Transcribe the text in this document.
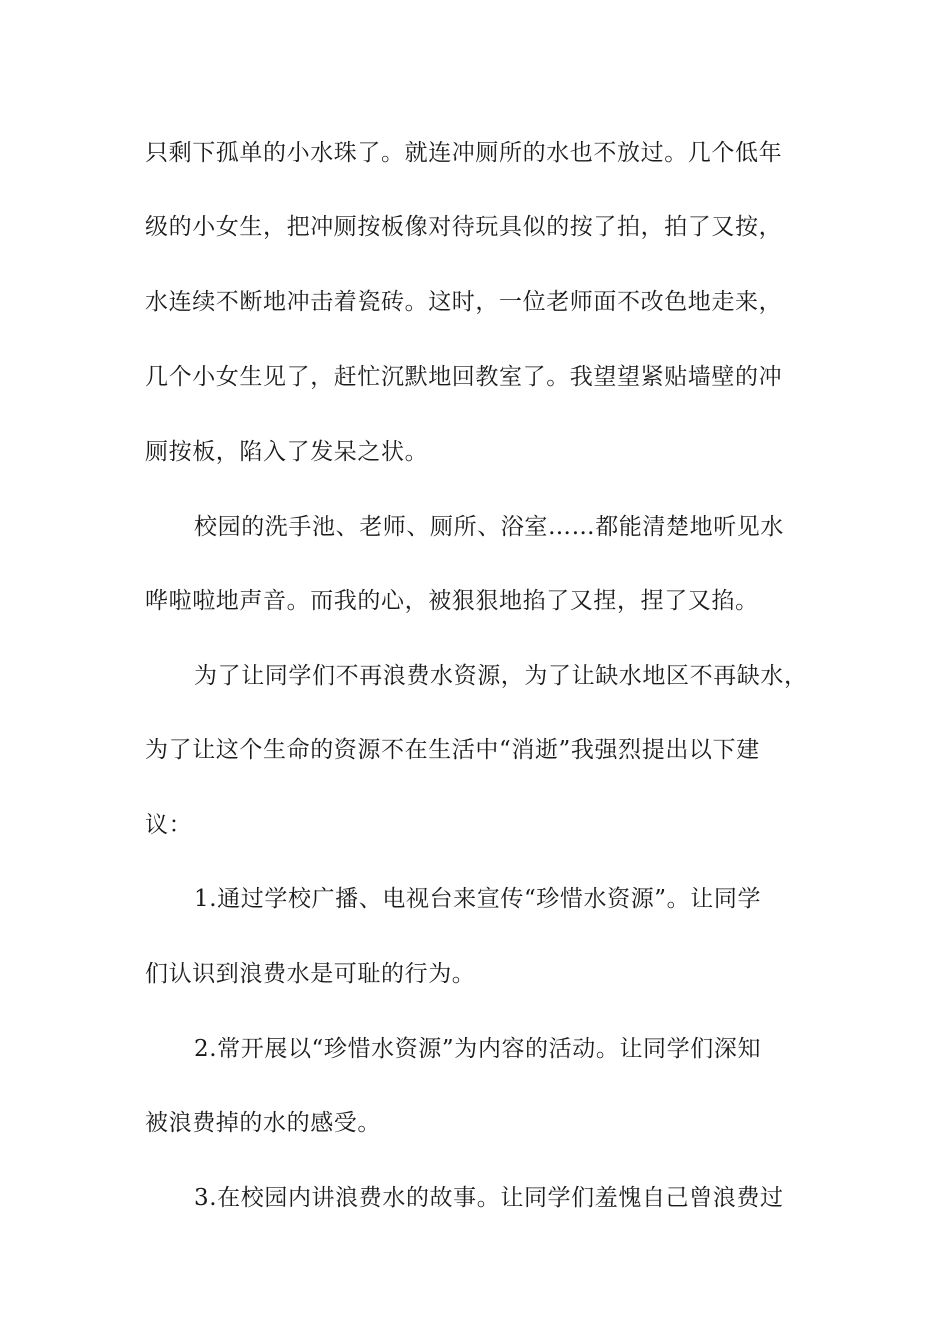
只剩下孤单的小水珠了。就连冲厕所的水也不放过。几个低年
级的小女生，把冲厕按板像对待玩具似的按了拍，拍了又按，
水连续不断地冲击着瓷砖。这时，一位老师面不改色地走来，
几个小女生见了，赶忙沉默地回教室了。我望望紧贴墙壁的冲
厕按板，陷入了发呆之状。
校园的洗手池、老师、厕所、浴室……都能清楚地听见水
哗啦啦地声音。而我的心，被狠狠地掐了又捏，捏了又掐。
为了让同学们不再浪费水资源，为了让缺水地区不再缺水，
为了让这个生命的资源不在生活中“消逝”我强烈提出以下建
议：
1.通过学校广播、电视台来宣传“珍惜水资源”。让同学
们认识到浪费水是可耻的行为。
2.常开展以“珍惜水资源”为内容的活动。让同学们深知
被浪费掉的水的感受。
3.在校园内讲浪费水的故事。让同学们羞愧自己曾浪费过
